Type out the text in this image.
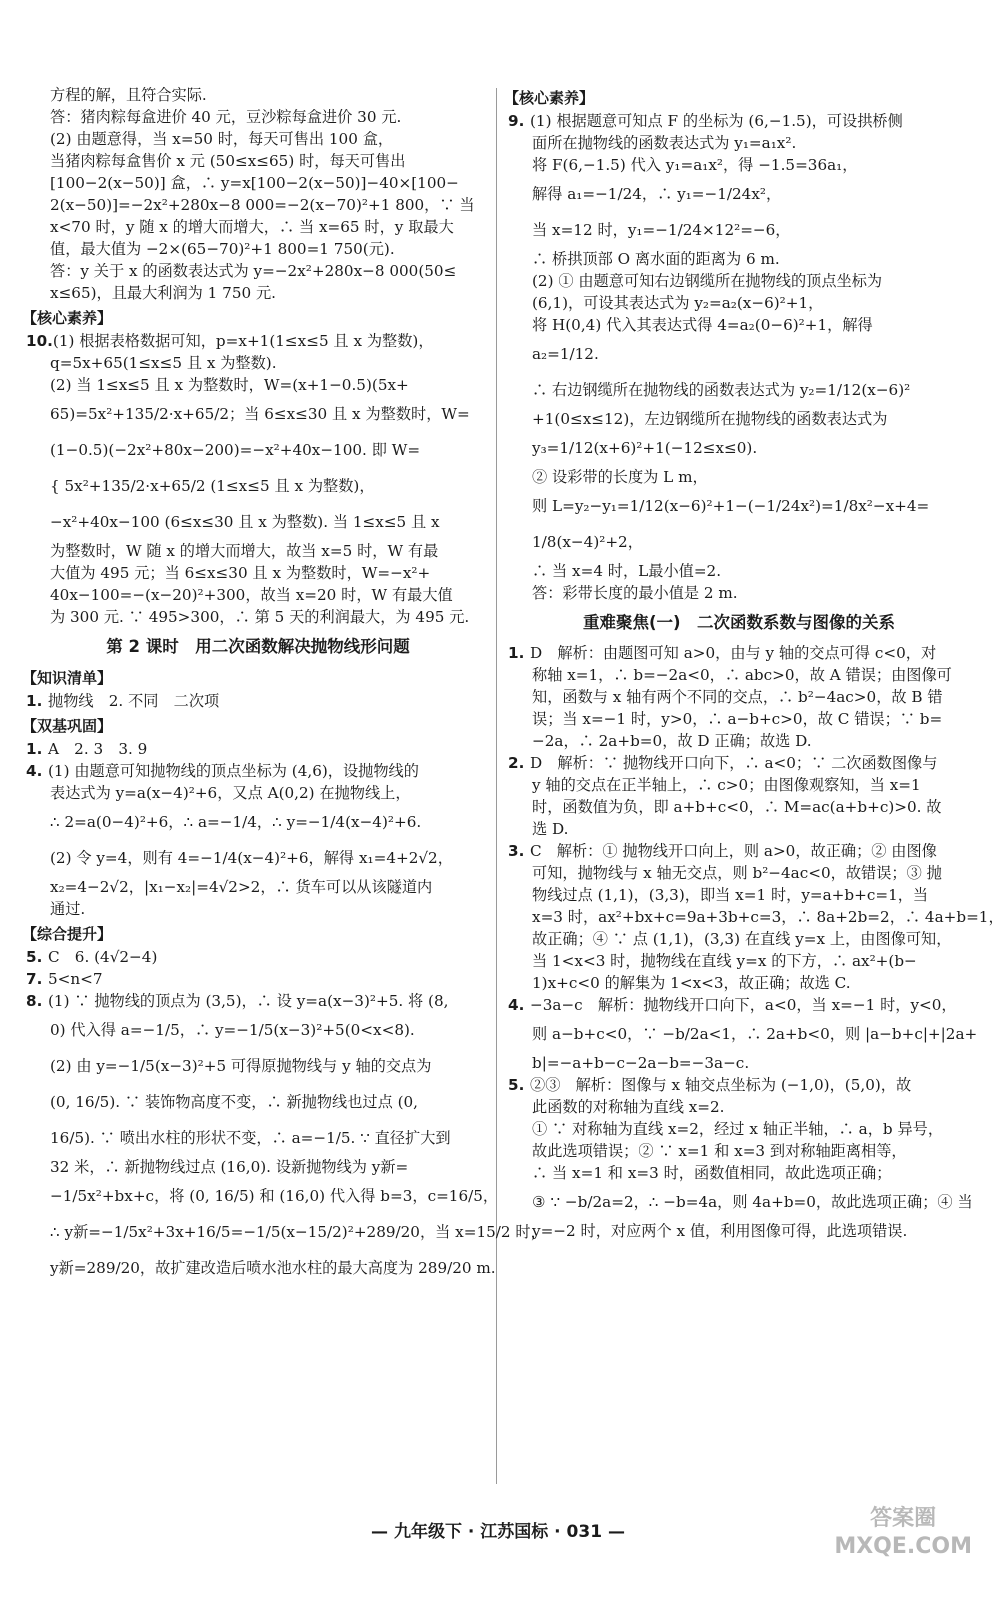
方程的解，且符合实际.
答：猪肉粽每盒进价 40 元，豆沙粽每盒进价 30 元.
(2) 由题意得，当 x=50 时，每天可售出 100 盒，
当猪肉粽每盒售价 x 元 (50≤x≤65) 时，每天可售出
[100−2(x−50)] 盒，∴ y=x[100−2(x−50)]−40×[100−
2(x−50)]=−2x²+280x−8 000=−2(x−70)²+1 800，∵ 当
x<70 时，y 随 x 的增大而增大，∴ 当 x=65 时，y 取最大
值，最大值为 −2×(65−70)²+1 800=1 750(元).
答：y 关于 x 的函数表达式为 y=−2x²+280x−8 000(50≤
x≤65)，且最大利润为 1 750 元.
【核心素养】
10.(1) 根据表格数据可知，p=x+1(1≤x≤5 且 x 为整数)，
q=5x+65(1≤x≤5 且 x 为整数).
(2) 当 1≤x≤5 且 x 为整数时，W=(x+1−0.5)(5x+
65)=5x²+135/2·x+65/2；当 6≤x≤30 且 x 为整数时，W=
(1−0.5)(−2x²+80x−200)=−x²+40x−100. 即 W=
{ 5x²+135/2·x+65/2 (1≤x≤5 且 x 为整数)，
−x²+40x−100 (6≤x≤30 且 x 为整数). 当 1≤x≤5 且 x
为整数时，W 随 x 的增大而增大，故当 x=5 时，W 有最
大值为 495 元；当 6≤x≤30 且 x 为整数时，W=−x²+
40x−100=−(x−20)²+300，故当 x=20 时，W 有最大值
为 300 元. ∵ 495>300，∴ 第 5 天的利润最大，为 495 元.
第 2 课时　用二次函数解决抛物线形问题
【知识清单】
1. 抛物线　2. 不同　二次项
【双基巩固】
1. A　2. 3　3. 9
4. (1) 由题意可知抛物线的顶点坐标为 (4,6)，设抛物线的
表达式为 y=a(x−4)²+6，又点 A(0,2) 在抛物线上，
∴ 2=a(0−4)²+6，∴ a=−1/4，∴ y=−1/4(x−4)²+6.
(2) 令 y=4，则有 4=−1/4(x−4)²+6，解得 x₁=4+2√2，
x₂=4−2√2，|x₁−x₂|=4√2>2，∴ 货车可以从该隧道内
通过.
【综合提升】
5. C　6. (4√2−4)
7. 5<n<7
8. (1) ∵ 抛物线的顶点为 (3,5)，∴ 设 y=a(x−3)²+5. 将 (8,
0) 代入得 a=−1/5，∴ y=−1/5(x−3)²+5(0<x<8).
(2) 由 y=−1/5(x−3)²+5 可得原抛物线与 y 轴的交点为
(0, 16/5). ∵ 装饰物高度不变，∴ 新抛物线也过点 (0,
16/5). ∵ 喷出水柱的形状不变，∴ a=−1/5. ∵ 直径扩大到
32 米，∴ 新抛物线过点 (16,0). 设新抛物线为 y新=
−1/5x²+bx+c，将 (0, 16/5) 和 (16,0) 代入得 b=3，c=16/5，
∴ y新=−1/5x²+3x+16/5=−1/5(x−15/2)²+289/20，当 x=15/2 时，
y新=289/20，故扩建改造后喷水池水柱的最大高度为 289/20 m.
【核心素养】
9. (1) 根据题意可知点 F 的坐标为 (6,−1.5)，可设拱桥侧
面所在抛物线的函数表达式为 y₁=a₁x².
将 F(6,−1.5) 代入 y₁=a₁x²，得 −1.5=36a₁，
解得 a₁=−1/24，∴ y₁=−1/24x²，
当 x=12 时，y₁=−1/24×12²=−6，
∴ 桥拱顶部 O 离水面的距离为 6 m.
(2) ① 由题意可知右边钢缆所在抛物线的顶点坐标为
(6,1)，可设其表达式为 y₂=a₂(x−6)²+1，
将 H(0,4) 代入其表达式得 4=a₂(0−6)²+1，解得
a₂=1/12.
∴ 右边钢缆所在抛物线的函数表达式为 y₂=1/12(x−6)²
+1(0≤x≤12)，左边钢缆所在抛物线的函数表达式为
y₃=1/12(x+6)²+1(−12≤x≤0).
② 设彩带的长度为 L m，
则 L=y₂−y₁=1/12(x−6)²+1−(−1/24x²)=1/8x²−x+4=
1/8(x−4)²+2，
∴ 当 x=4 时，L最小值=2.
答：彩带长度的最小值是 2 m.
重难聚焦(一)　二次函数系数与图像的关系
1. D　解析：由题图可知 a>0，由与 y 轴的交点可得 c<0，对
称轴 x=1，∴ b=−2a<0，∴ abc>0，故 A 错误；由图像可
知，函数与 x 轴有两个不同的交点，∴ b²−4ac>0，故 B 错
误；当 x=−1 时，y>0，∴ a−b+c>0，故 C 错误；∵ b=
−2a，∴ 2a+b=0，故 D 正确；故选 D.
2. D　解析：∵ 抛物线开口向下，∴ a<0；∵ 二次函数图像与
y 轴的交点在正半轴上，∴ c>0；由图像观察知，当 x=1
时，函数值为负，即 a+b+c<0，∴ M=ac(a+b+c)>0. 故
选 D.
3. C　解析：① 抛物线开口向上，则 a>0，故正确；② 由图像
可知，抛物线与 x 轴无交点，则 b²−4ac<0，故错误；③ 抛
物线过点 (1,1)，(3,3)，即当 x=1 时，y=a+b+c=1，当
x=3 时，ax²+bx+c=9a+3b+c=3，∴ 8a+2b=2，∴ 4a+b=1，
故正确；④ ∵ 点 (1,1)，(3,3) 在直线 y=x 上，由图像可知，
当 1<x<3 时，抛物线在直线 y=x 的下方，∴ ax²+(b−
1)x+c<0 的解集为 1<x<3，故正确；故选 C.
4. −3a−c　解析：抛物线开口向下，a<0，当 x=−1 时，y<0，
则 a−b+c<0，∵ −b/2a<1，∴ 2a+b<0，则 |a−b+c|+|2a+
b|=−a+b−c−2a−b=−3a−c.
5. ②③　解析：图像与 x 轴交点坐标为 (−1,0)，(5,0)，故
此函数的对称轴为直线 x=2.
① ∵ 对称轴为直线 x=2，经过 x 轴正半轴，∴ a，b 异号，
故此选项错误；② ∵ x=1 和 x=3 到对称轴距离相等，
∴ 当 x=1 和 x=3 时，函数值相同，故此选项正确；
③ ∵ −b/2a=2，∴ −b=4a，则 4a+b=0，故此选项正确；④ 当
y=−2 时，对应两个 x 值，利用图像可得，此选项错误.
— 九年级下 · 江苏国标 · 031 —
答案圈
MXQE.COM
